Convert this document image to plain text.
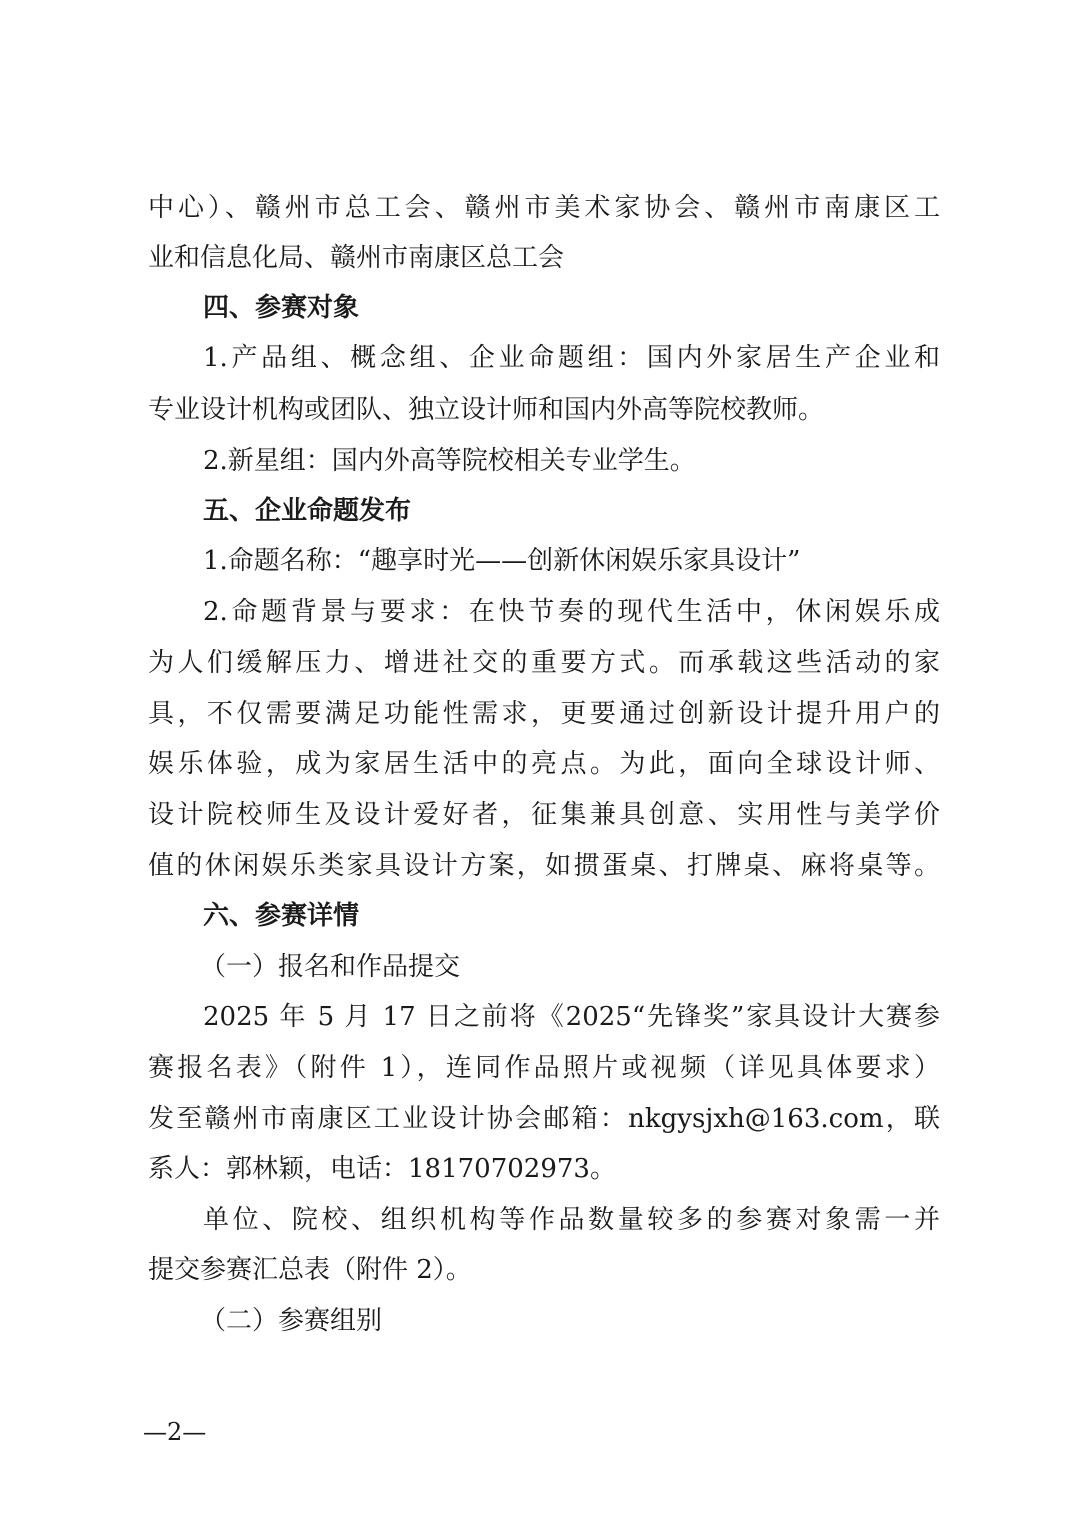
中心）、赣州市总工会、赣州市美术家协会、赣州市南康区工
业和信息化局、赣州市南康区总工会
四、参赛对象
1.产品组、概念组、企业命题组：国内外家居生产企业和
专业设计机构或团队、独立设计师和国内外高等院校教师。
2.新星组：国内外高等院校相关专业学生。
五、企业命题发布
1.命题名称：“趣享时光——创新休闲娱乐家具设计”
2.命题背景与要求：在快节奏的现代生活中，休闲娱乐成
为人们缓解压力、增进社交的重要方式。而承载这些活动的家
具，不仅需要满足功能性需求，更要通过创新设计提升用户的
娱乐体验，成为家居生活中的亮点。为此，面向全球设计师、
设计院校师生及设计爱好者，征集兼具创意、实用性与美学价
值的休闲娱乐类家具设计方案，如掼蛋桌、打牌桌、麻将桌等。
六、参赛详情
（一）报名和作品提交
2025 年 5 月 17 日之前将《2025“先锋奖”家具设计大赛参
赛报名表》（附件 1），连同作品照片或视频（详见具体要求）
发至赣州市南康区工业设计协会邮箱：nkgysjxh@163.com，联
系人：郭林颖，电话：18170702973。
单位、院校、组织机构等作品数量较多的参赛对象需一并
提交参赛汇总表（附件 2）。
（二）参赛组别
—2—
